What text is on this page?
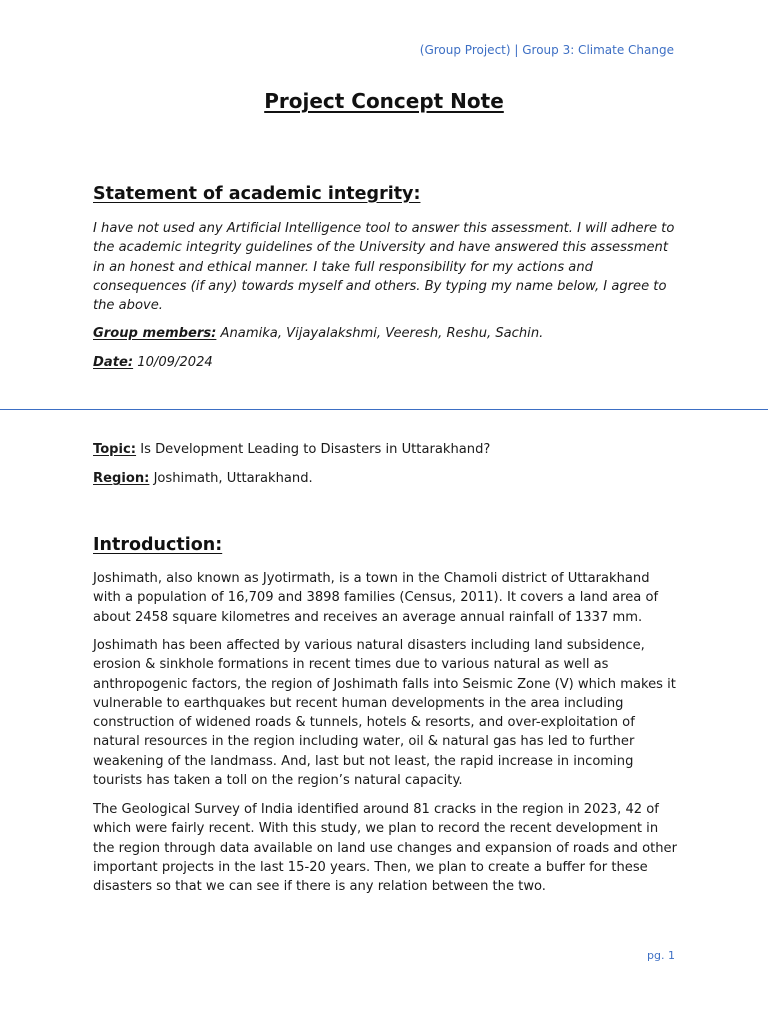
(Group Project) | Group 3: Climate Change
Project Concept Note
Statement of academic integrity:

I have not used any Artificial Intelligence tool to answer this assessment. I will adhere to the academic integrity guidelines of the University and have answered this assessment in an honest and ethical manner. I take full responsibility for my actions and consequences (if any) towards myself and others. By typing my name below, I agree to the above.

Group members: Anamika, Vijayalakshmi, Veeresh, Reshu, Sachin.

Date: 10/09/2024

Topic: Is Development Leading to Disasters in Uttarakhand?

Region: Joshimath, Uttarakhand.

Introduction:

Joshimath, also known as Jyotirmath, is a town in the Chamoli district of Uttarakhand with a population of 16,709 and 3898 families (Census, 2011). It covers a land area of about 2458 square kilometres and receives an average annual rainfall of 1337 mm.

Joshimath has been affected by various natural disasters including land subsidence, erosion & sinkhole formations in recent times due to various natural as well as anthropogenic factors, the region of Joshimath falls into Seismic Zone (V) which makes it vulnerable to earthquakes but recent human developments in the area including construction of widened roads & tunnels, hotels & resorts, and over-exploitation of natural resources in the region including water, oil & natural gas has led to further weakening of the landmass. And, last but not least, the rapid increase in incoming tourists has taken a toll on the region’s natural capacity.

The Geological Survey of India identified around 81 cracks in the region in 2023, 42 of which were fairly recent. With this study, we plan to record the recent development in the region through data available on land use changes and expansion of roads and other important projects in the last 15-20 years. Then, we plan to create a buffer for these disasters so that we can see if there is any relation between the two.

pg. 1
